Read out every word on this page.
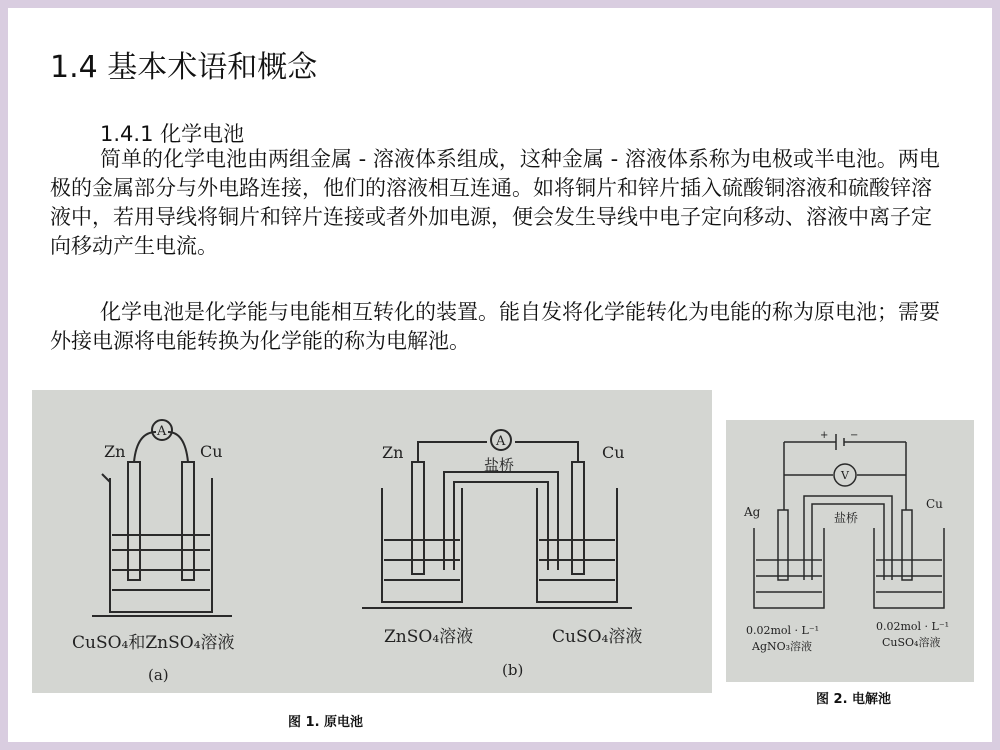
1.4 基本术语和概念
1.4.1 化学电池

简单的化学电池由两组金属 - 溶液体系组成，这种金属 - 溶液体系称为电极或半电池。两电极的金属部分与外电路连接，他们的溶液相互连通。如将铜片和锌片插入硫酸铜溶液和硫酸锌溶液中，若用导线将铜片和锌片连接或者外加电源，便会发生导线中电子定向移动、溶液中离子定向移动产生电流。

化学电池是化学能与电能相互转化的装置。能自发将化学能转化为电能的称为原电池；需要外接电源将电能转换为化学能的称为电解池。

Zn	Cu
A
CuSO₄和ZnSO₄溶液
(a)
Zn	Cu
A
盐桥
ZnSO₄溶液	CuSO₄溶液
(b)
+ −
V
盐桥
Ag
Cu
0.02mol · L⁻¹
AgNO₃溶液
0.02mol · L⁻¹
CuSO₄溶液
图 1. 原电池
图 2. 电解池
